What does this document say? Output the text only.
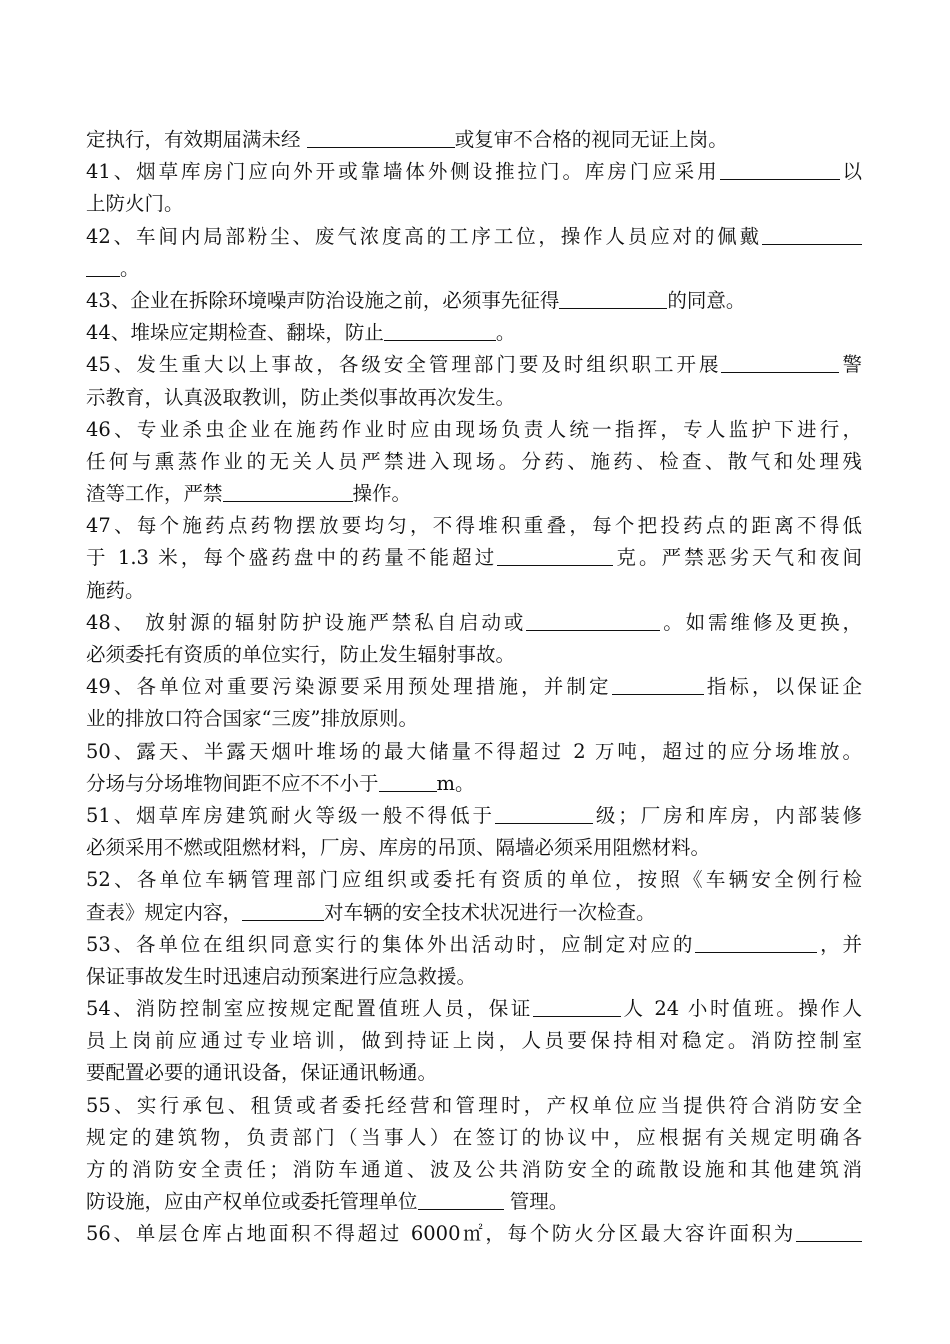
定执行，有效期届满未经	或复审不合格的视同无证上岗。
41、烟草库房门应向外开或靠墙体外侧设推拉门。库房门应采用	以
上防火门。
42、车间内局部粉尘、废气浓度高的工序工位，操作人员应对的佩戴
。
43、企业在拆除环境噪声防治设施之前，必须事先征得	的同意。
44、堆垛应定期检查、翻垛，防止	。
45、发生重大以上事故，各级安全管理部门要及时组织职工开展	警
示教育，认真汲取教训，防止类似事故再次发生。
46、专业杀虫企业在施药作业时应由现场负责人统一指挥，专人监护下进行，
任何与熏蒸作业的无关人员严禁进入现场。分药、施药、检查、散气和处理残
渣等工作，严禁	操作。
47、每个施药点药物摆放要均匀，不得堆积重叠，每个把投药点的距离不得低
于 1.3 米，每个盛药盘中的药量不能超过	克。严禁恶劣天气和夜间
施药。
48、 放射源的辐射防护设施严禁私自启动或	。如需维修及更换，
必须委托有资质的单位实行，防止发生辐射事故。
49、各单位对重要污染源要采用预处理措施，并制定	指标，以保证企
业的排放口符合国家“三废”排放原则。
50、露天、半露天烟叶堆场的最大储量不得超过 2 万吨，超过的应分场堆放。
分场与分场堆物间距不应不不小于	m。
51、烟草库房建筑耐火等级一般不得低于	级；厂房和库房，内部装修
必须采用不燃或阻燃材料，厂房、库房的吊顶、隔墙必须采用阻燃材料。
52、各单位车辆管理部门应组织或委托有资质的单位，按照《车辆安全例行检
查表》规定内容，	对车辆的安全技术状况进行一次检查。
53、各单位在组织同意实行的集体外出活动时，应制定对应的	，并
保证事故发生时迅速启动预案进行应急救援。
54、消防控制室应按规定配置值班人员，保证	人 24 小时值班。操作人
员上岗前应通过专业培训，做到持证上岗，人员要保持相对稳定。消防控制室
要配置必要的通讯设备，保证通讯畅通。
55、实行承包、租赁或者委托经营和管理时，产权单位应当提供符合消防安全
规定的建筑物，负责部门（当事人）在签订的协议中，应根据有关规定明确各
方的消防安全责任；消防车通道、波及公共消防安全的疏散设施和其他建筑消
防设施，应由产权单位或委托管理单位	管理。
56、单层仓库占地面积不得超过 6000㎡，每个防火分区最大容许面积为
